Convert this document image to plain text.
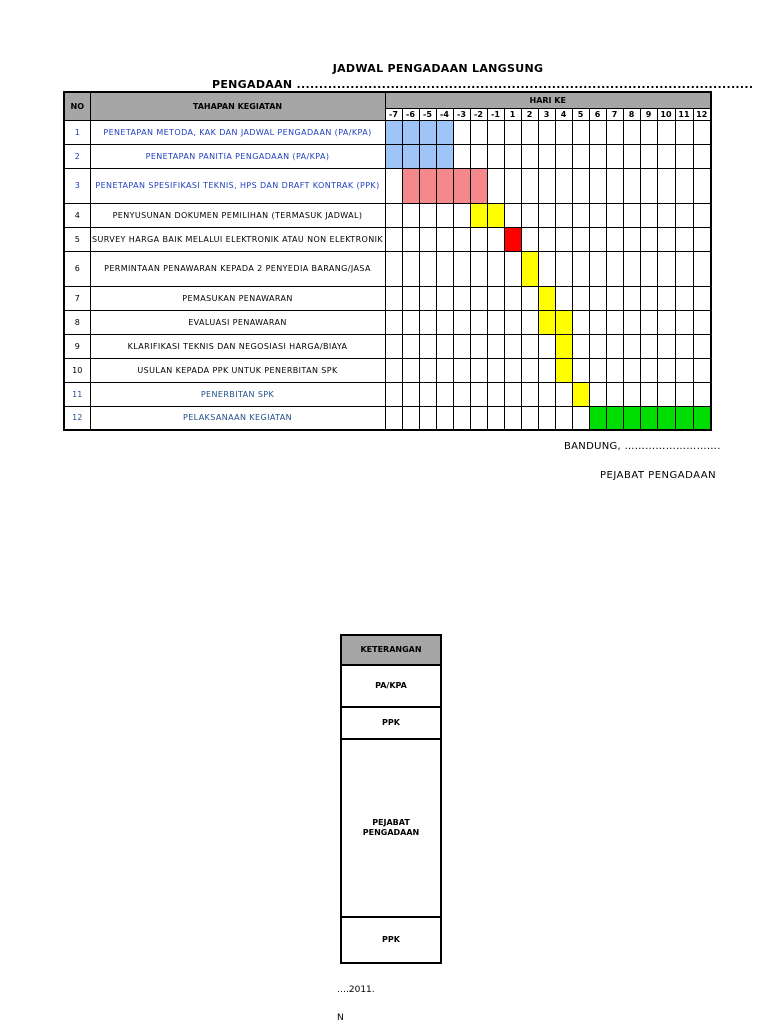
JADWAL PENGADAAN LANGSUNG
PENGADAAN ......................................................................................................
NO	TAHAPAN KEGIATAN	HARI KE																		
		-7	-6	-5	-4	-3	-2	-1	1	2	3	4	5	6	7	8	9	10	11	12
1	PENETAPAN METODA, KAK DAN JADWAL PENGADAAN (PA/KPA)																			
2	PENETAPAN PANITIA PENGADAAN (PA/KPA)																			
3	PENETAPAN SPESIFIKASI TEKNIS, HPS DAN DRAFT KONTRAK (PPK)																			
4	PENYUSUNAN DOKUMEN PEMILIHAN (TERMASUK JADWAL)																			
5	SURVEY HARGA BAIK MELALUI ELEKTRONIK ATAU NON ELEKTRONIK																			
6	PERMINTAAN PENAWARAN KEPADA 2 PENYEDIA BARANG/JASA																			
7	PEMASUKAN PENAWARAN																			
8	EVALUASI PENAWARAN																			
9	KLARIFIKASI TEKNIS DAN NEGOSIASI HARGA/BIAYA																			
10	USULAN KEPADA PPK UNTUK PENERBITAN SPK																			
11	PENERBITAN SPK																			
12	PELAKSANAAN KEGIATAN																			
BANDUNG, ……………………….
PEJABAT PENGADAAN
KETERANGAN
PA/KPA
PPK

PEJABAT PENGADAAN

PPK
….2011.
N
